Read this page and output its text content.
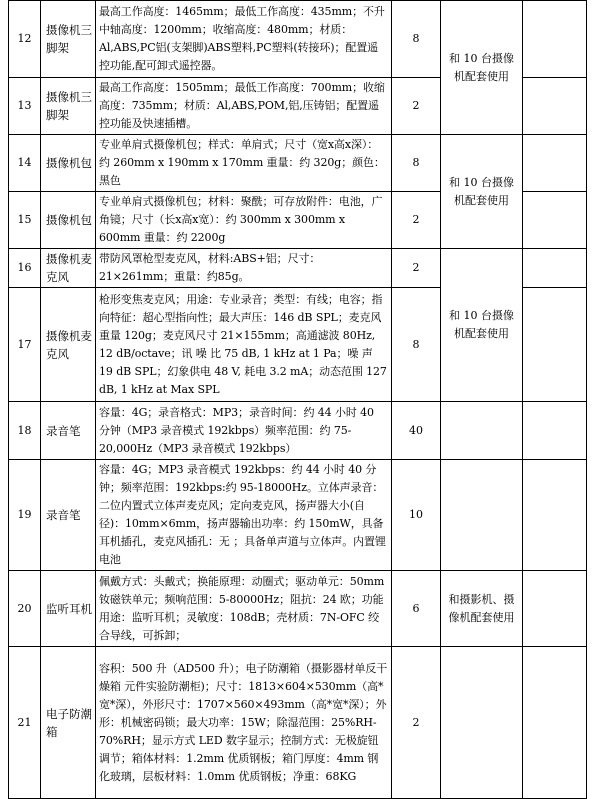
12	摄像机三脚架	最高工作高度：1465mm；最低工作高度：435mm；不升中轴高度：1200mm；收缩高度：480mm；材质：Al,ABS,PC铝(支架脚)ABS塑料,PC塑料(转接环)；配置遥控功能,配可卸式遥控器。	8	和 10 台摄像机配套使用	
13	摄像机三脚架	最高工作高度：1505mm；最低工作高度：700mm；收缩高度：735mm；材质：Al,ABS,POM,铝,压铸铝；配置遥控功能及快速插槽。	2		
14	摄像机包	专业单肩式摄像机包；样式：单肩式；尺寸（宽x高x深）：约 260mm x 190mm x 170mm 重量：约 320g；颜色：黑色	8	和 10 台摄像机配套使用	
15	摄像机包	专业单肩式摄像机包；材料：聚酰；可存放附件：电池，广角镜；尺寸（长x高x宽）：约 300mm x 300mm x 600mm 重量：约 2200g	2		
16	摄像机麦克风	带防风罩枪型麦克风，材料:ABS+铝；尺寸：21×261mm；重量：约85g。	2	和 10 台摄像机配套使用	
17	摄像机麦克风	枪形变焦麦克风；用途：专业录音；类型：有线；电容；指向特征：超心型指向性；最大声压：146 dB SPL；麦克风重量 120g；麦克风尺寸 21×155mm；高通滤波 80Hz, 12 dB/octave；讯 噪 比 75 dB, 1 kHz at 1 Pa；噪 声 19 dB SPL；幻象供电 48 V, 耗电 3.2 mA；动态范围 127 dB, 1 kHz at Max SPL	8		
18	录音笔	容量：4G；录音格式：MP3；录音时间：约 44 小时 40 分钟（MP3 录音模式 192kbps）频率范围：约 75-20,000Hz（MP3 录音模式 192kbps）	40		
19	录音笔	容量：4G；MP3 录音模式 192kbps：约 44 小时 40 分钟；频率范围：192kbps:约 95-18000Hz。立体声录音：二位内置式立体声麦克风；定向麦克风，扬声器大小(自径)：10mm×6mm，扬声器输出功率：约 150mW，具备耳机插孔，麦克风插孔：无 ；具备单声道与立体声。内置锂电池	10		
20	监听耳机	佩戴方式：头戴式；换能原理：动圈式；驱动单元：50mm 钕磁铁单元；频响范围：5-80000Hz；阻抗：24 欧；功能用途：监听耳机；灵敏度：108dB；壳材质：7N-OFC 绞合导线，可拆卸；	6	和摄影机、摄像机配套使用	
21	电子防潮箱	容积：500 升（AD500 升）；电子防潮箱（摄影器材单反干燥箱 元件实验防潮柜)；尺寸：1813×604×530mm（高*宽*深），外形尺寸：1707×560×493mm（高*宽*深）；外形：机械密码锁；最大功率：15W；除湿范围：25%RH-70%RH；显示方式 LED 数字显示；控制方式：无极旋钮调节；箱体材料：1.2mm 优质钢板；箱门厚度：4mm 钢化玻璃，层板材料：1.0mm 优质钢板；净重：68KG	2		
